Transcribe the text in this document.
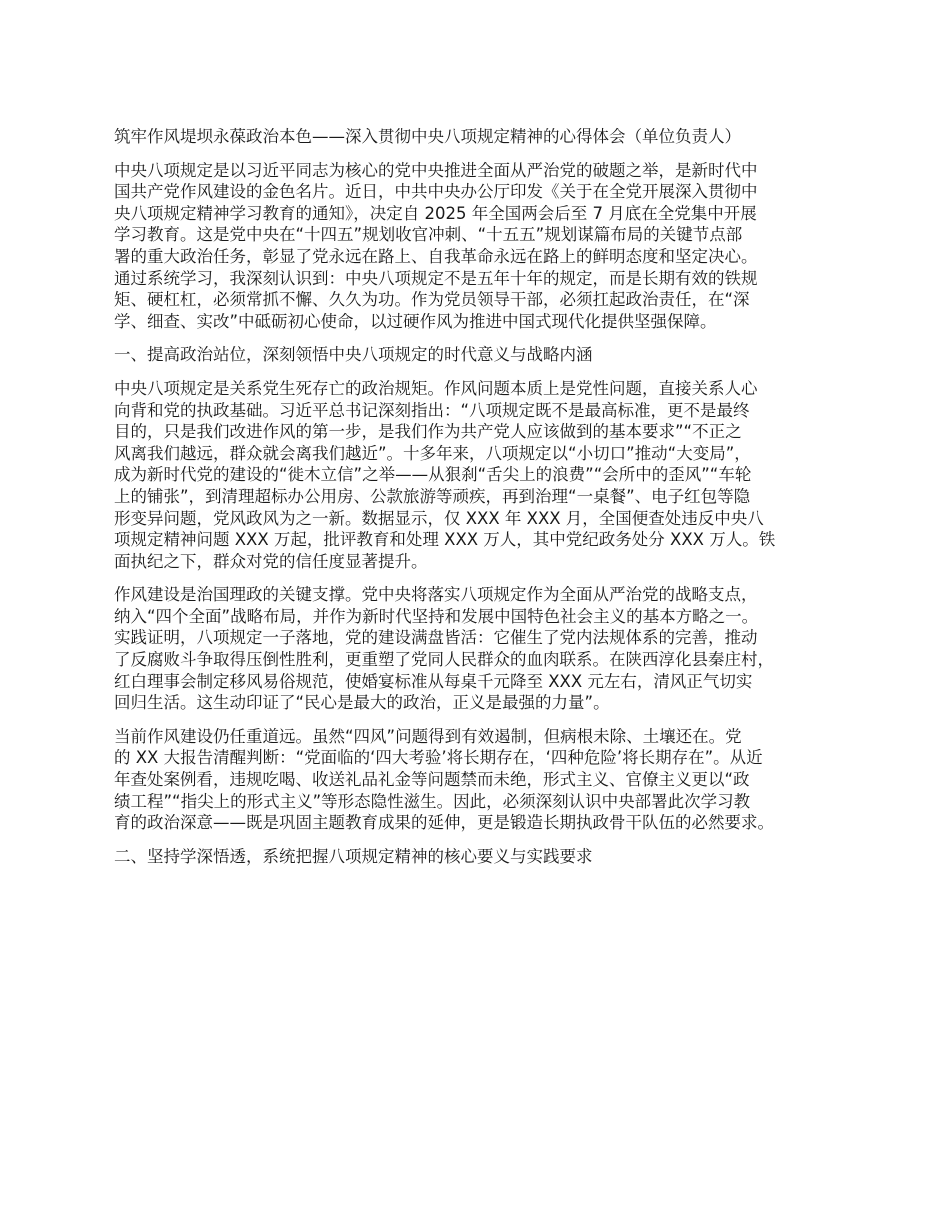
筑牢作风堤坝永葆政治本色——深入贯彻中央八项规定精神的心得体会（单位负责人）
中央八项规定是以习近平同志为核心的党中央推进全面从严治党的破题之举，是新时代中
国共产党作风建设的金色名片。近日，中共中央办公厅印发《关于在全党开展深入贯彻中
央八项规定精神学习教育的通知》，决定自 2025 年全国两会后至 7 月底在全党集中开展
学习教育。这是党中央在“十四五”规划收官冲刺、“十五五”规划谋篇布局的关键节点部
署的重大政治任务，彰显了党永远在路上、自我革命永远在路上的鲜明态度和坚定决心。
通过系统学习，我深刻认识到：中央八项规定不是五年十年的规定，而是长期有效的铁规
矩、硬杠杠，必须常抓不懈、久久为功。作为党员领导干部，必须扛起政治责任，在“深
学、细查、实改”中砥砺初心使命，以过硬作风为推进中国式现代化提供坚强保障。
一、提高政治站位，深刻领悟中央八项规定的时代意义与战略内涵
中央八项规定是关系党生死存亡的政治规矩。作风问题本质上是党性问题，直接关系人心
向背和党的执政基础。习近平总书记深刻指出：“八项规定既不是最高标准，更不是最终
目的，只是我们改进作风的第一步，是我们作为共产党人应该做到的基本要求”“不正之
风离我们越远，群众就会离我们越近”。十多年来，八项规定以“小切口”推动“大变局”，
成为新时代党的建设的“徙木立信”之举——从狠刹“舌尖上的浪费”“会所中的歪风”“车轮
上的铺张”，到清理超标办公用房、公款旅游等顽疾，再到治理“一桌餐”、电子红包等隐
形变异问题，党风政风为之一新。数据显示，仅 XXX 年 XXX 月，全国便查处违反中央八
项规定精神问题 XXX 万起，批评教育和处理 XXX 万人，其中党纪政务处分 XXX 万人。铁
面执纪之下，群众对党的信任度显著提升。
作风建设是治国理政的关键支撑。党中央将落实八项规定作为全面从严治党的战略支点，
纳入“四个全面”战略布局，并作为新时代坚持和发展中国特色社会主义的基本方略之一。
实践证明，八项规定一子落地，党的建设满盘皆活：它催生了党内法规体系的完善，推动
了反腐败斗争取得压倒性胜利，更重塑了党同人民群众的血肉联系。在陕西淳化县秦庄村，
红白理事会制定移风易俗规范，使婚宴标准从每桌千元降至 XXX 元左右，清风正气切实
回归生活。这生动印证了“民心是最大的政治，正义是最强的力量”。
当前作风建设仍任重道远。虽然“四风”问题得到有效遏制，但病根未除、土壤还在。党
的 XX 大报告清醒判断：“党面临的‘四大考验’将长期存在，‘四种危险’将长期存在”。从近
年查处案例看，违规吃喝、收送礼品礼金等问题禁而未绝，形式主义、官僚主义更以“政
绩工程”“指尖上的形式主义”等形态隐性滋生。因此，必须深刻认识中央部署此次学习教
育的政治深意——既是巩固主题教育成果的延伸，更是锻造长期执政骨干队伍的必然要求。
二、坚持学深悟透，系统把握八项规定精神的核心要义与实践要求
